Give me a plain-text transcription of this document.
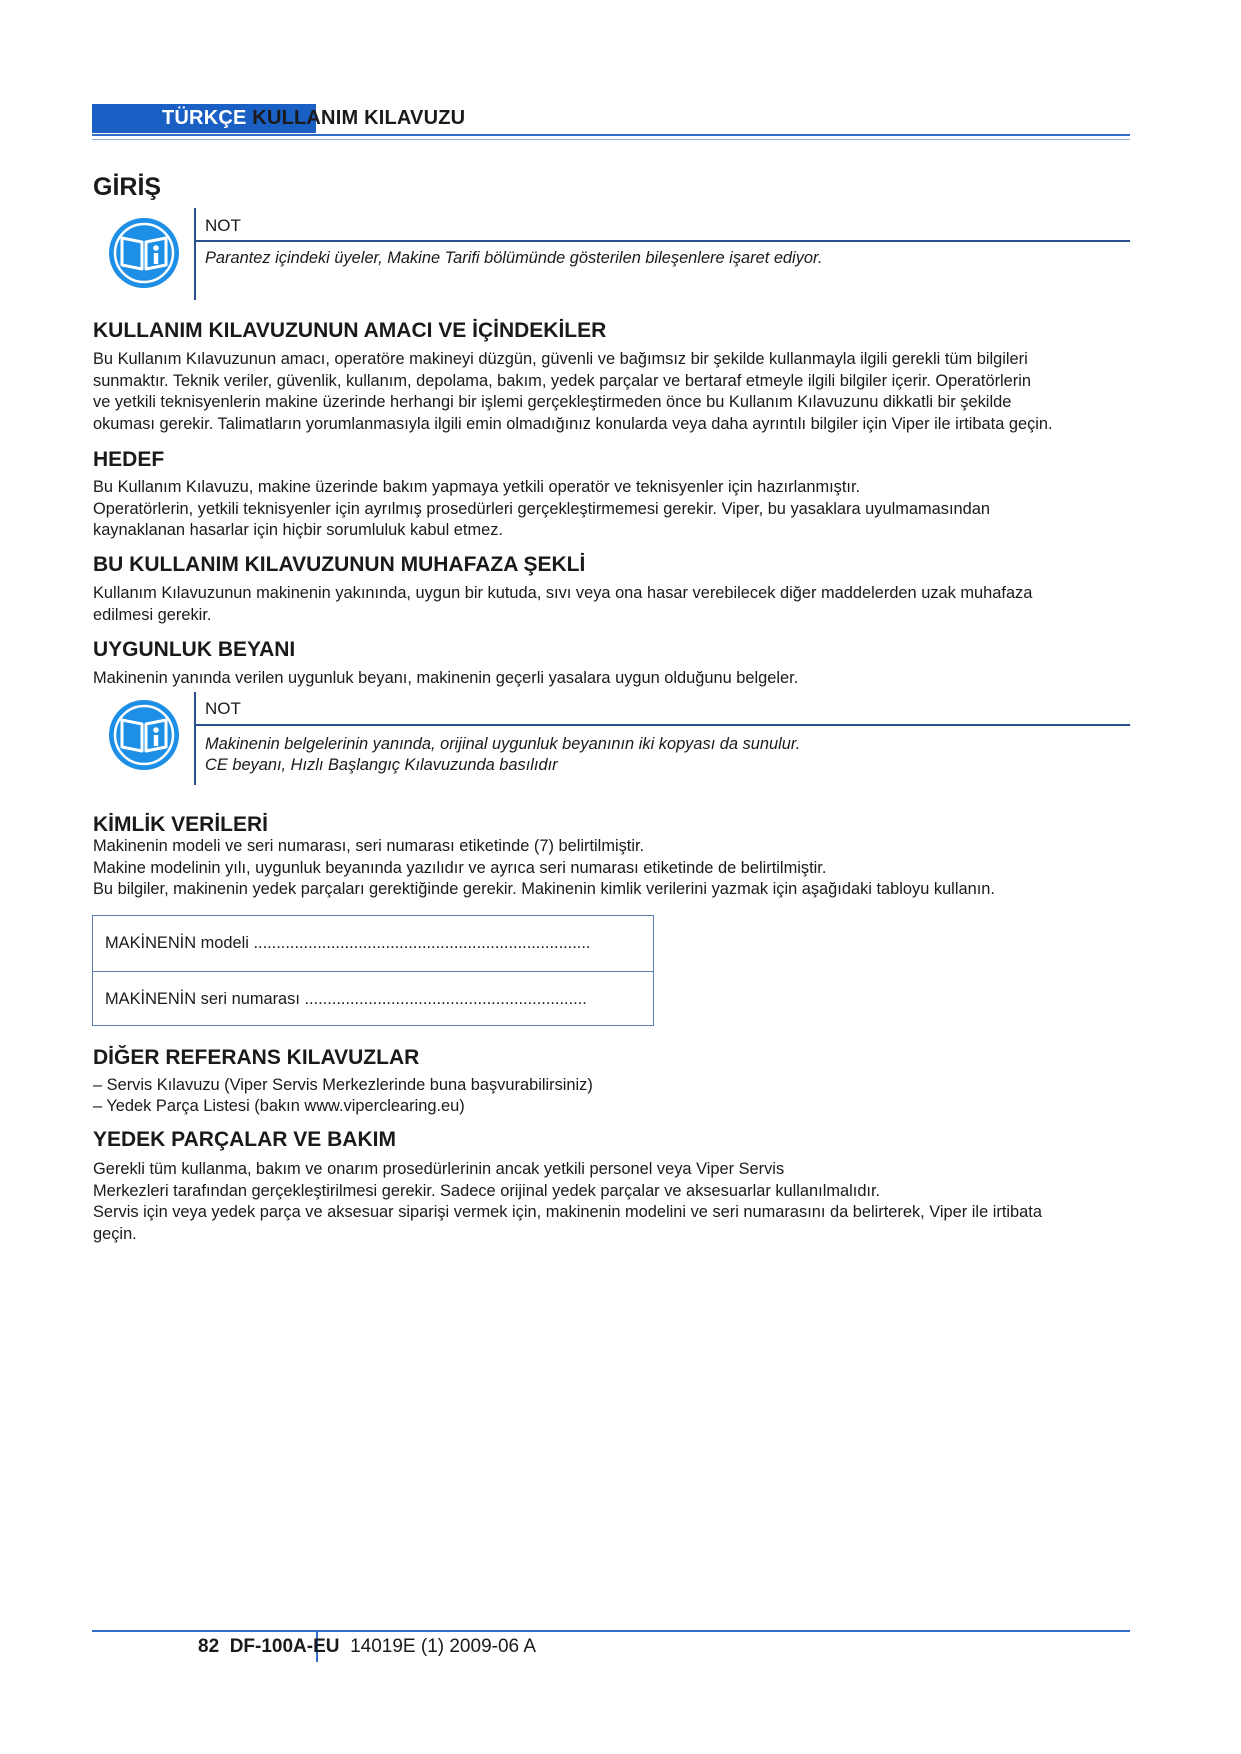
TÜRKÇE KULLANIM KILAVUZU
GİRİŞ
NOT
Parantez içindeki üyeler, Makine Tarifi bölümünde gösterilen bileşenlere işaret ediyor.
KULLANIM KILAVUZUNUN AMACI VE İÇİNDEKİLER
Bu Kullanım Kılavuzunun amacı, operatöre makineyi düzgün, güvenli ve bağımsız bir şekilde kullanmayla ilgili gerekli tüm bilgileri
sunmaktır. Teknik veriler, güvenlik, kullanım, depolama, bakım, yedek parçalar ve bertaraf etmeyle ilgili bilgiler içerir. Operatörlerin
ve yetkili teknisyenlerin makine üzerinde herhangi bir işlemi gerçekleştirmeden önce bu Kullanım Kılavuzunu dikkatli bir şekilde
okuması gerekir. Talimatların yorumlanmasıyla ilgili emin olmadığınız konularda veya daha ayrıntılı bilgiler için Viper ile irtibata geçin.
HEDEF
Bu Kullanım Kılavuzu, makine üzerinde bakım yapmaya yetkili operatör ve teknisyenler için hazırlanmıştır.
Operatörlerin, yetkili teknisyenler için ayrılmış prosedürleri gerçekleştirmemesi gerekir. Viper, bu yasaklara uyulmamasından
kaynaklanan hasarlar için hiçbir sorumluluk kabul etmez.
BU KULLANIM KILAVUZUNUN MUHAFAZA ŞEKLİ
Kullanım Kılavuzunun makinenin yakınında, uygun bir kutuda, sıvı veya ona hasar verebilecek diğer maddelerden uzak muhafaza
edilmesi gerekir.
UYGUNLUK BEYANI
Makinenin yanında verilen uygunluk beyanı, makinenin geçerli yasalara uygun olduğunu belgeler.
NOT
Makinenin belgelerinin yanında, orijinal uygunluk beyanının iki kopyası da sunulur.
CE beyanı, Hızlı Başlangıç Kılavuzunda basılıdır
KİMLİK VERİLERİ
Makinenin modeli ve seri numarası, seri numarası etiketinde (7) belirtilmiştir.
Makine modelinin yılı, uygunluk beyanında yazılıdır ve ayrıca seri numarası etiketinde de belirtilmiştir.
Bu bilgiler, makinenin yedek parçaları gerektiğinde gerekir. Makinenin kimlik verilerini yazmak için aşağıdaki tabloyu kullanın.
MAKİNENİN modeli ..........................................................................
MAKİNENİN seri numarası ..............................................................
DİĞER REFERANS KILAVUZLAR
– Servis Kılavuzu (Viper Servis Merkezlerinde buna başvurabilirsiniz)
– Yedek Parça Listesi (bakın www.viperclearing.eu)
YEDEK PARÇALAR VE BAKIM
Gerekli tüm kullanma, bakım ve onarım prosedürlerinin ancak yetkili personel veya Viper Servis
Merkezleri tarafından gerçekleştirilmesi gerekir. Sadece orijinal yedek parçalar ve aksesuarlar kullanılmalıdır.
Servis için veya yedek parça ve aksesuar siparişi vermek için, makinenin modelini ve seri numarasını da belirterek, Viper ile irtibata
geçin.
82 DF-100A-EU 14019E (1) 2009-06 A
